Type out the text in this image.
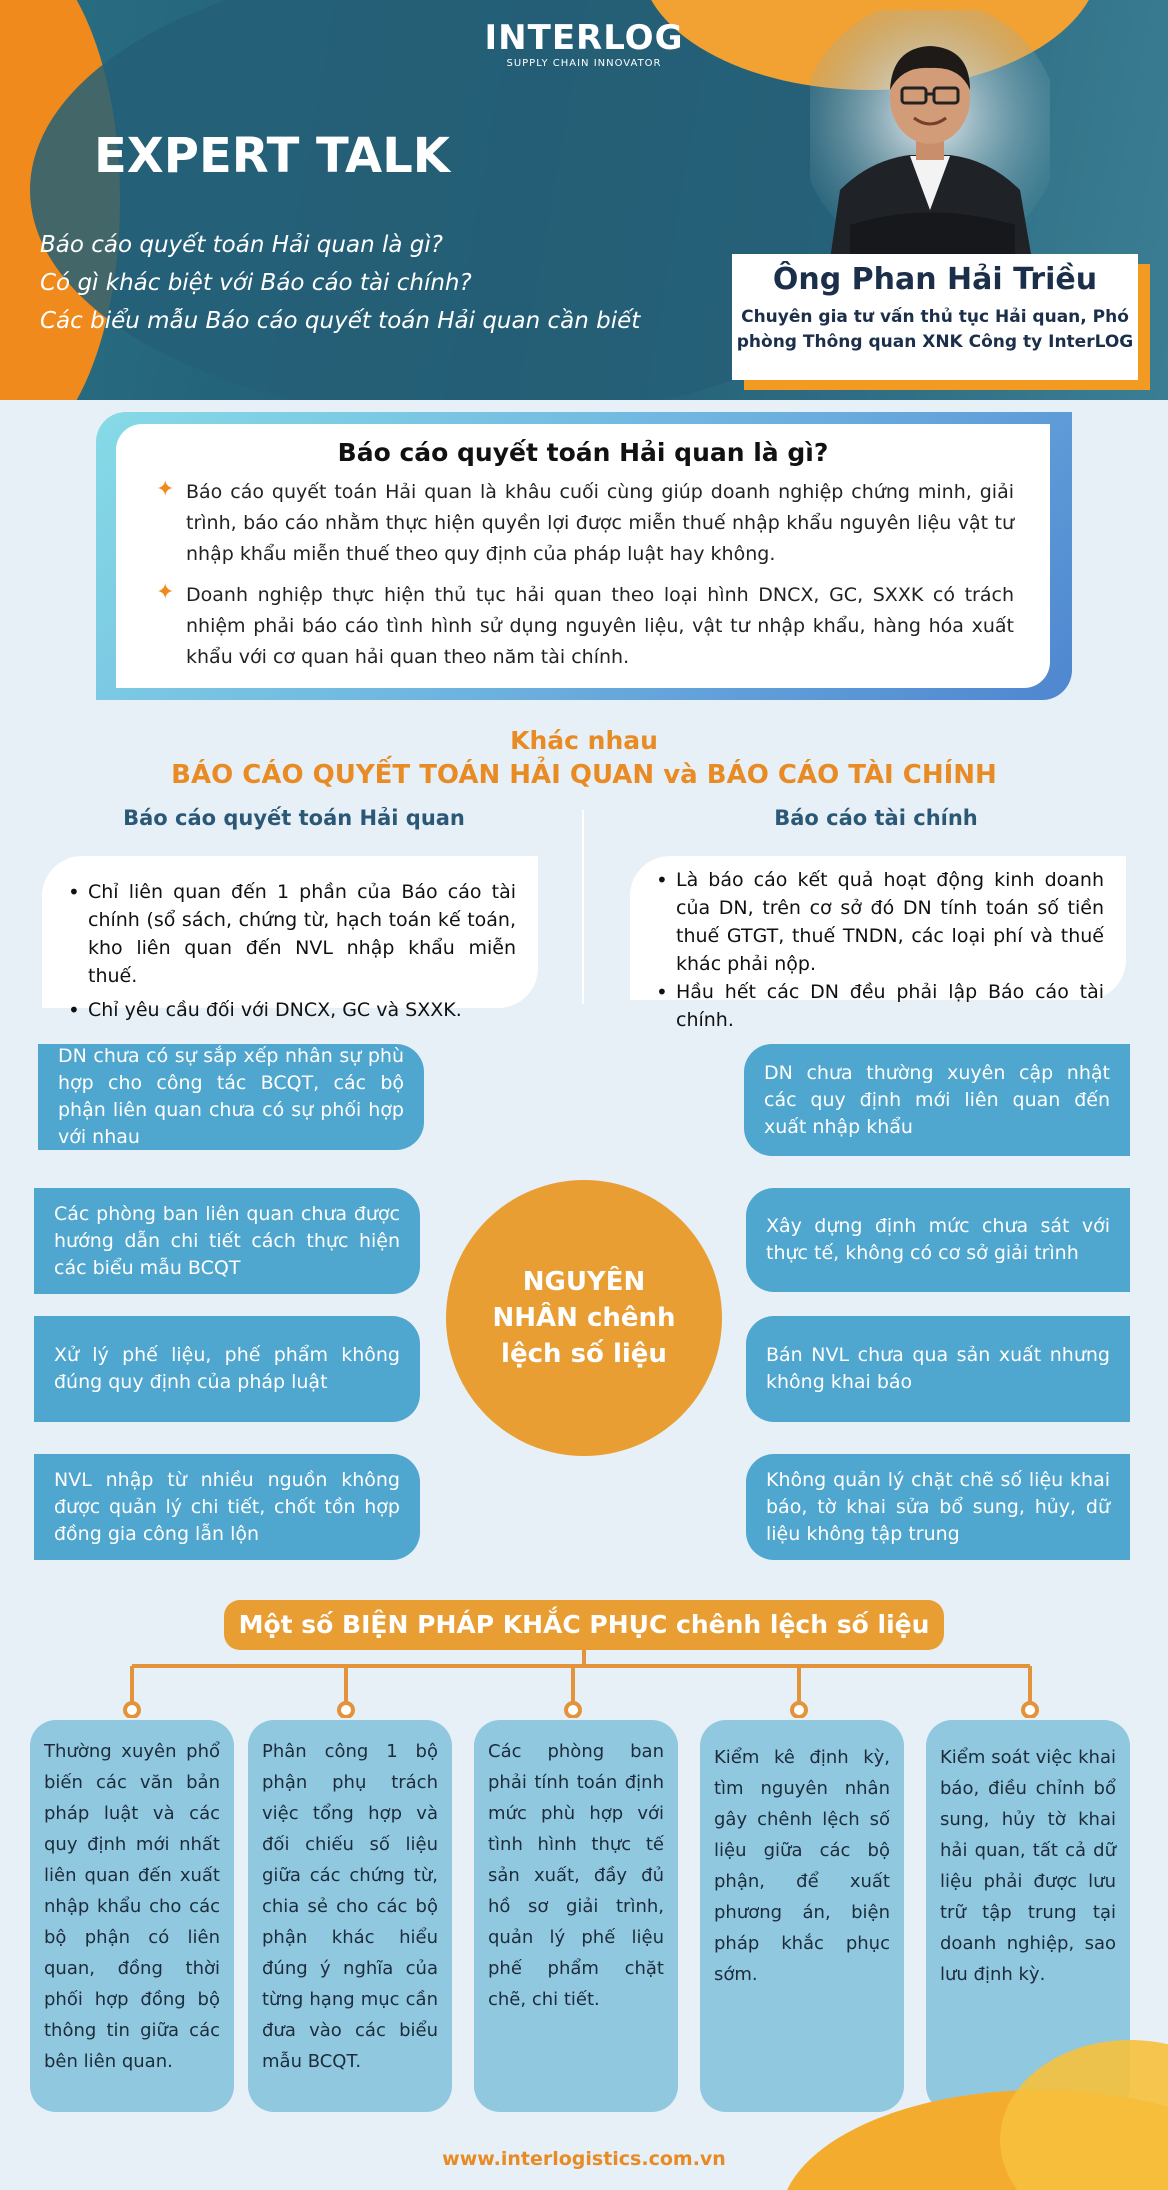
INTERLOG
SUPPLY CHAIN INNOVATOR
EXPERT TALK
Báo cáo quyết toán Hải quan là gì?
Có gì khác biệt với Báo cáo tài chính?
Các biểu mẫu Báo cáo quyết toán Hải quan cần biết
Ông Phan Hải Triều
Chuyên gia tư vấn thủ tục Hải quan, Phó
phòng Thông quan XNK Công ty InterLOG
Báo cáo quyết toán Hải quan là gì?
✦ Báo cáo quyết toán Hải quan là khâu cuối cùng giúp doanh nghiệp chứng minh, giải trình, báo cáo nhằm thực hiện quyền lợi được miễn thuế nhập khẩu nguyên liệu vật tư nhập khẩu miễn thuế theo quy định của pháp luật hay không.

✦ Doanh nghiệp thực hiện thủ tục hải quan theo loại hình DNCX, GC, SXXK có trách nhiệm phải báo cáo tình hình sử dụng nguyên liệu, vật tư nhập khẩu, hàng hóa xuất khẩu với cơ quan hải quan theo năm tài chính.

Khác nhau
BÁO CÁO QUYẾT TOÁN HẢI QUAN và BÁO CÁO TÀI CHÍNH
Báo cáo quyết toán Hải quan	Báo cáo tài chính
• Chỉ liên quan đến 1 phần của Báo cáo tài chính (sổ sách, chứng từ, hạch toán kế toán, kho liên quan đến NVL nhập khẩu miễn thuế.
• Chỉ yêu cầu đối với DNCX, GC và SXXK.
• Là báo cáo kết quả hoạt động kinh doanh của DN, trên cơ sở đó DN tính toán số tiền thuế GTGT, thuế TNDN, các loại phí và thuế khác phải nộp.
• Hầu hết các DN đều phải lập Báo cáo tài chính.
DN chưa có sự sắp xếp nhân sự phù hợp cho công tác BCQT, các bộ phận liên quan chưa có sự phối hợp với nhau
Các phòng ban liên quan chưa được hướng dẫn chi tiết cách thực hiện các biểu mẫu BCQT
Xử lý phế liệu, phế phẩm không đúng quy định của pháp luật
NVL nhập từ nhiều nguồn không được quản lý chi tiết, chốt tồn hợp đồng gia công lẫn lộn
NGUYÊN NHÂN chênh lệch số liệu
DN chưa thường xuyên cập nhật các quy định mới liên quan đến xuất nhập khẩu
Xây dựng định mức chưa sát với thực tế, không có cơ sở giải trình
Bán NVL chưa qua sản xuất nhưng không khai báo
Không quản lý chặt chẽ số liệu khai báo, tờ khai sửa bổ sung, hủy, dữ liệu không tập trung
Một số BIỆN PHÁP KHẮC PHỤC chênh lệch số liệu
Thường xuyên phổ biến các văn bản pháp luật và các quy định mới nhất liên quan đến xuất nhập khẩu cho các bộ phận có liên quan, đồng thời phối hợp đồng bộ thông tin giữa các bên liên quan.
Phân công 1 bộ phận phụ trách việc tổng hợp và đối chiếu số liệu giữa các chứng từ, chia sẻ cho các bộ phận khác hiểu đúng ý nghĩa của từng hạng mục cần đưa vào các biểu mẫu BCQT.
Các phòng ban phải tính toán định mức phù hợp với tình hình thực tế sản xuất, đầy đủ hồ sơ giải trình, quản lý phế liệu phế phẩm chặt chẽ, chi tiết.
Kiểm kê định kỳ, tìm nguyên nhân gây chênh lệch số liệu giữa các bộ phận, để xuất phương án, biện pháp khắc phục sớm.
Kiểm soát việc khai báo, điều chỉnh bổ sung, hủy tờ khai hải quan, tất cả dữ liệu phải được lưu trữ tập trung tại doanh nghiệp, sao lưu định kỳ.
www.interlogistics.com.vn
